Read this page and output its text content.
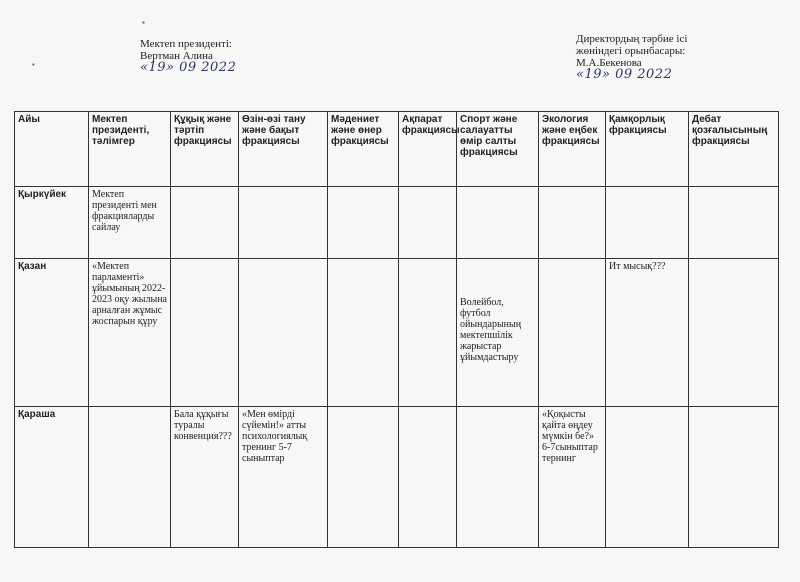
▪
▪
Мектеп президенті:
Вертман Алина
«19» 09 2022
Директордың тәрбие ісі
жөніндегі орынбасары:
М.А.Бекенова
«19» 09 2022
Айы	Мектеп президенті, тәлімгер	Құқық және тәртіп фракциясы	Өзін-өзі тану және бақыт фракциясы	Мәдениет және өнер фракциясы	Ақпарат фракциясы	Спорт және салауатты өмір салты фракциясы	Экология және еңбек фракциясы	Қамқорлық фракциясы	Дебат қозғалысының фракциясы
Қыркүйек	Мектеп президенті мен фракцияларды сайлау								
Қазан	«Мектеп парламенті» ұйымының 2022-2023 оқу жылына арналған жұмыс жоспарын құру					Волейбол, футбол ойындарының мектепшілік жарыстар ұйымдастыру		Ит мысық???	
Қараша		Бала құқығы туралы конвенция???	«Мен өмірді сүйемін!» атты психологиялық тренинг 5-7 сыныптар				«Қоқысты қайта өңдеу мүмкін бе?» 6-7сыныптар тернинг		
